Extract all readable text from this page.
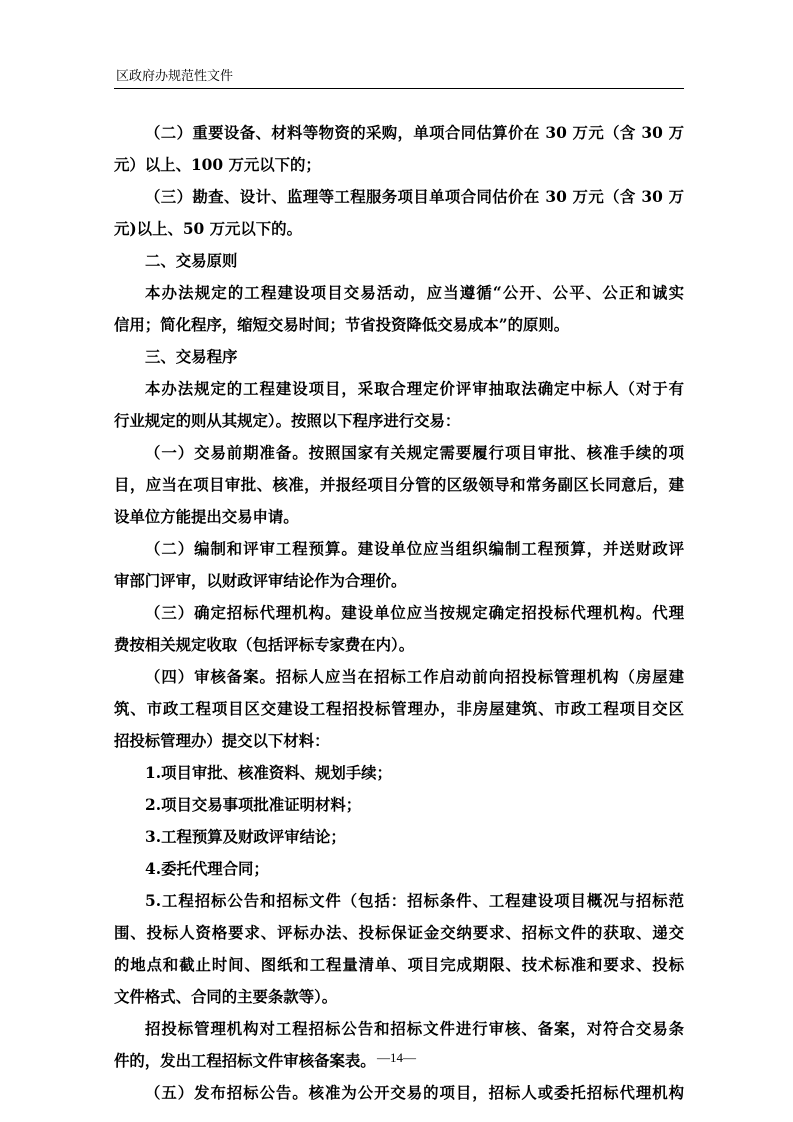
区政府办规范性文件
（二）重要设备、材料等物资的采购，单项合同估算价在 30 万元（含 30 万
元）以上、100 万元以下的；
（三）勘查、设计、监理等工程服务项目单项合同估价在 30 万元（含 30 万
元)以上、50 万元以下的。
二、交易原则
本办法规定的工程建设项目交易活动，应当遵循“公开、公平、公正和诚实
信用；简化程序，缩短交易时间；节省投资降低交易成本”的原则。
三、交易程序
本办法规定的工程建设项目，采取合理定价评审抽取法确定中标人（对于有
行业规定的则从其规定）。按照以下程序进行交易：
（一）交易前期准备。按照国家有关规定需要履行项目审批、核准手续的项
目，应当在项目审批、核准，并报经项目分管的区级领导和常务副区长同意后，建
设单位方能提出交易申请。
（二）编制和评审工程预算。建设单位应当组织编制工程预算，并送财政评
审部门评审，以财政评审结论作为合理价。
（三）确定招标代理机构。建设单位应当按规定确定招投标代理机构。代理
费按相关规定收取（包括评标专家费在内）。
（四）审核备案。招标人应当在招标工作启动前向招投标管理机构（房屋建
筑、市政工程项目区交建设工程招投标管理办，非房屋建筑、市政工程项目交区
招投标管理办）提交以下材料：
1.项目审批、核准资料、规划手续；
2.项目交易事项批准证明材料；
3.工程预算及财政评审结论；
4.委托代理合同；
5.工程招标公告和招标文件（包括：招标条件、工程建设项目概况与招标范
围、投标人资格要求、评标办法、投标保证金交纳要求、招标文件的获取、递交
的地点和截止时间、图纸和工程量清单、项目完成期限、技术标准和要求、投标
文件格式、合同的主要条款等）。
招投标管理机构对工程招标公告和招标文件进行审核、备案，对符合交易条
件的，发出工程招标文件审核备案表。
（五）发布招标公告。核准为公开交易的项目，招标人或委托招标代理机构
—14—
